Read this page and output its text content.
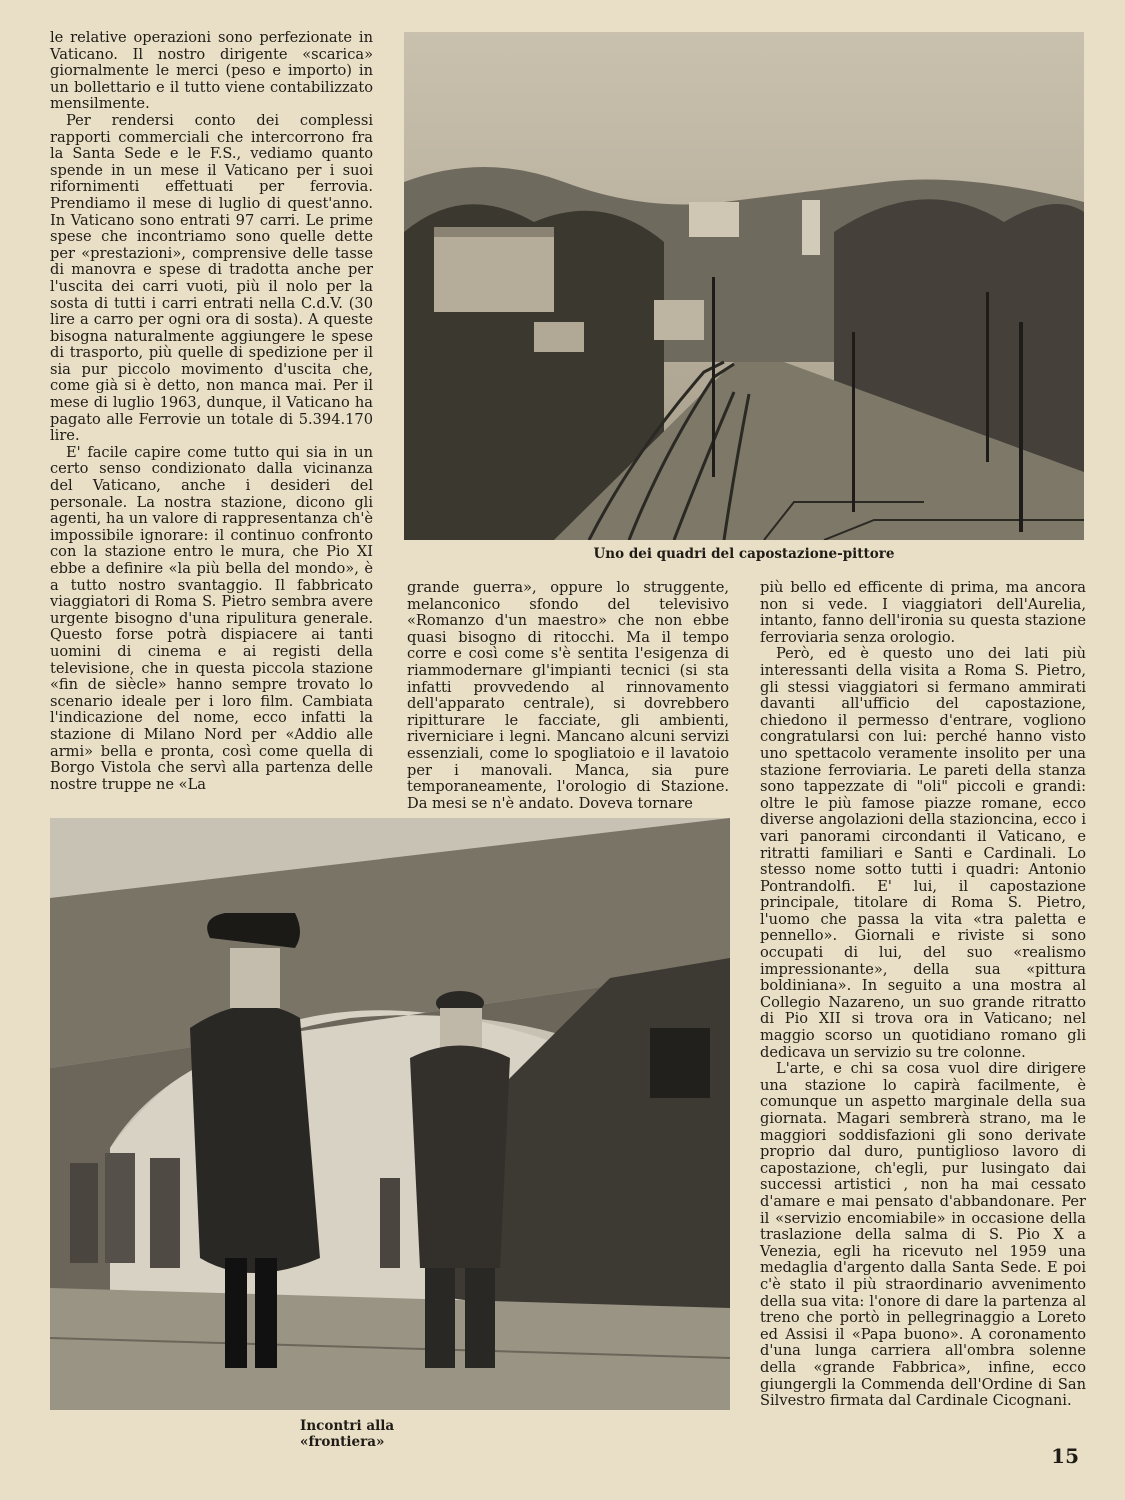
le relative operazioni sono perfezionate in Vaticano. Il nostro dirigente «scarica» giornalmente le merci (peso e importo) in un bollettario e il tutto viene contabilizzato mensilmente.

Per rendersi conto dei complessi rapporti commerciali che intercorrono fra la Santa Sede e le F.S., vediamo quanto spende in un mese il Vaticano per i suoi rifornimenti effettuati per ferrovia. Prendiamo il mese di luglio di quest'anno. In Vaticano sono entrati 97 carri. Le prime spese che incontriamo sono quelle dette per «prestazioni», comprensive delle tasse di manovra e spese di tradotta anche per l'uscita dei carri vuoti, più il nolo per la sosta di tutti i carri entrati nella C.d.V. (30 lire a carro per ogni ora di sosta). A queste bisogna naturalmente aggiungere le spese di trasporto, più quelle di spedizione per il sia pur piccolo movimento d'uscita che, come già si è detto, non manca mai. Per il mese di luglio 1963, dunque, il Vaticano ha pagato alle Ferrovie un totale di 5.394.170 lire.

E' facile capire come tutto qui sia in un certo senso condizionato dalla vicinanza del Vaticano, anche i desideri del personale. La nostra stazione, dicono gli agenti, ha un valore di rappresentanza ch'è impossibile ignorare: il continuo confronto con la stazione entro le mura, che Pio XI ebbe a definire «la più bella del mondo», è a tutto nostro svantaggio. Il fabbricato viaggiatori di Roma S. Pietro sembra avere urgente bisogno d'una ripulitura generale. Questo forse potrà dispiacere ai tanti uomini di cinema e ai registi della televisione, che in questa piccola stazione «fin de siècle» hanno sempre trovato lo scenario ideale per i loro film. Cambiata l'indicazione del nome, ecco infatti la stazione di Milano Nord per «Addio alle armi» bella e pronta, così come quella di Borgo Vistola che servì alla partenza delle nostre truppe ne «La

Uno dei quadri del capostazione-pittore

grande guerra», oppure lo struggente, melanconico sfondo del televisivo «Romanzo d'un maestro» che non ebbe quasi bisogno di ritocchi. Ma il tempo corre e così come s'è sentita l'esigenza di riammodernare gl'impianti tecnici (si sta infatti provvedendo al rinnovamento dell'apparato centrale), si dovrebbero ripitturare le facciate, gli ambienti, riverniciare i legni. Mancano alcuni servizi essenziali, come lo spogliatoio e il lavatoio per i manovali. Manca, sia pure temporaneamente, l'orologio di Stazione. Da mesi se n'è andato. Doveva tornare

più bello ed efficente di prima, ma ancora non si vede. I viaggiatori dell'Aurelia, intanto, fanno dell'ironia su questa stazione ferroviaria senza orologio.

Però, ed è questo uno dei lati più interessanti della visita a Roma S. Pietro, gli stessi viaggiatori si fermano ammirati davanti all'ufficio del capostazione, chiedono il permesso d'entrare, vogliono congratularsi con lui: perché hanno visto uno spettacolo veramente insolito per una stazione ferroviaria. Le pareti della stanza sono tappezzate di "oli" piccoli e grandi: oltre le più famose piazze romane, ecco diverse angolazioni della stazioncina, ecco i vari panorami circondanti il Vaticano, e ritratti familiari e Santi e Cardinali. Lo stesso nome sotto tutti i quadri: Antonio Pontrandolfi. E' lui, il capostazione principale, titolare di Roma S. Pietro, l'uomo che passa la vita «tra paletta e pennello». Giornali e riviste si sono occupati di lui, del suo «realismo impressionante», della sua «pittura boldiniana». In seguito a una mostra al Collegio Nazareno, un suo grande ritratto di Pio XII si trova ora in Vaticano; nel maggio scorso un quotidiano romano gli dedicava un servizio su tre colonne.

L'arte, e chi sa cosa vuol dire dirigere una stazione lo capirà facilmente, è comunque un aspetto marginale della sua giornata. Magari sembrerà strano, ma le maggiori soddisfazioni gli sono derivate proprio dal duro, puntiglioso lavoro di capostazione, ch'egli, pur lusingato dai successi artistici , non ha mai cessato d'amare e mai pensato d'abbandonare. Per il «servizio encomiabile» in occasione della traslazione della salma di S. Pio X a Venezia, egli ha ricevuto nel 1959 una medaglia d'argento dalla Santa Sede. E poi c'è stato il più straordinario avvenimento della sua vita: l'onore di dare la partenza al treno che portò in pellegrinaggio a Loreto ed Assisi il «Papa buono». A coronamento d'una lunga carriera all'ombra solenne della «grande Fabbrica», infine, ecco giungergli la Commenda dell'Ordine di San Silvestro firmata dal Cardinale Cicognani.

Incontri alla «frontiera»
15
